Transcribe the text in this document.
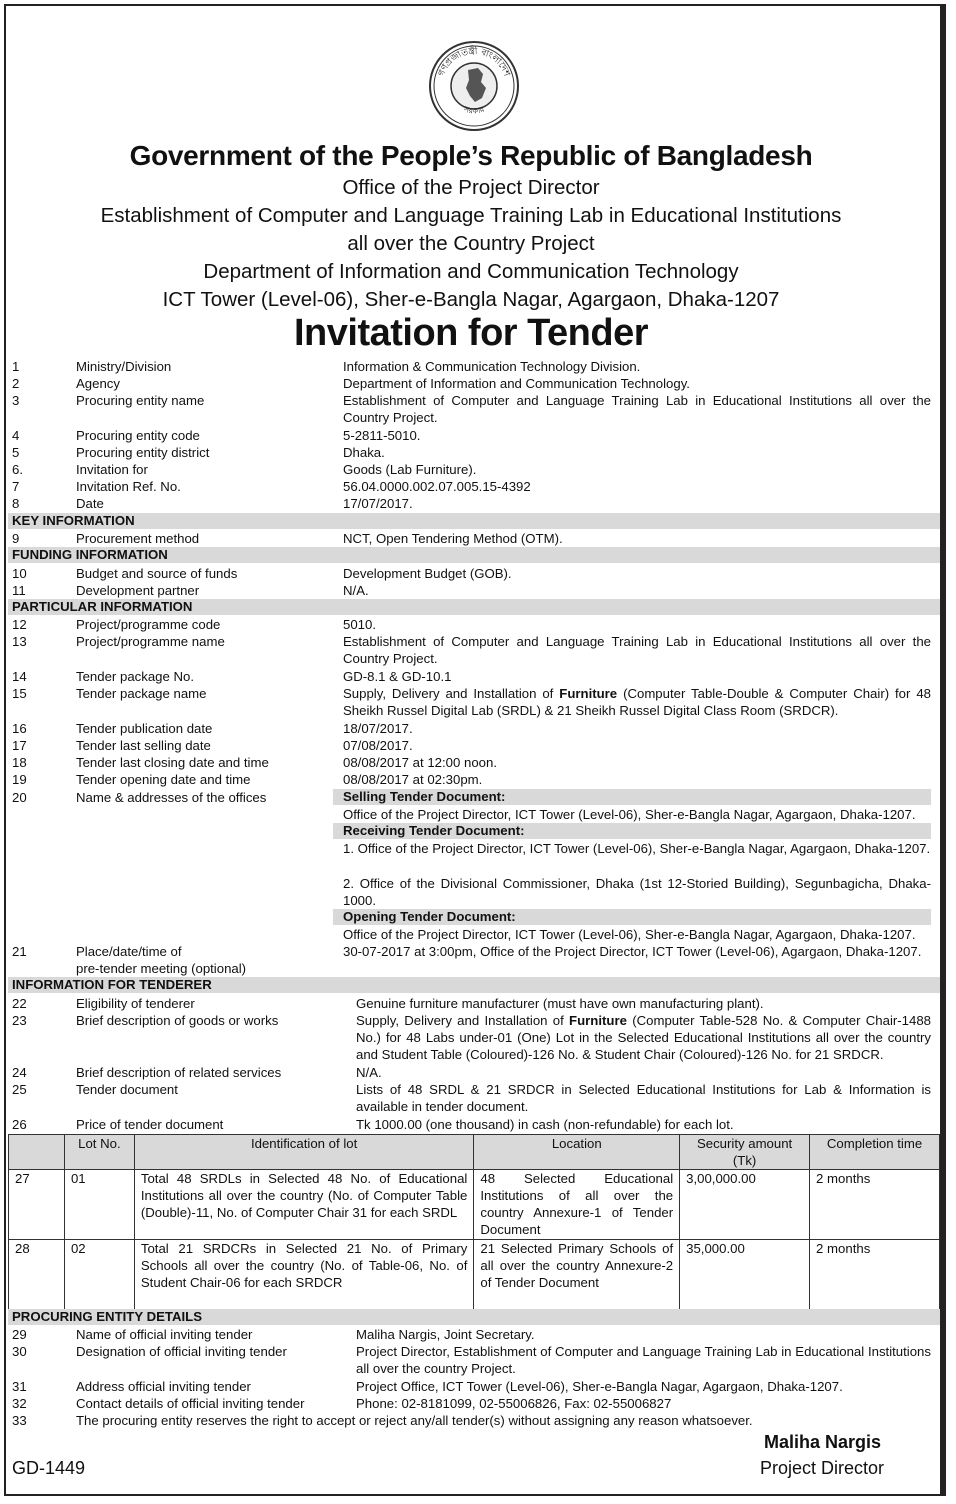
গণপ্রজাতন্ত্রী বাংলাদেশ
সরকার
Government of the People’s Republic of Bangladesh
Office of the Project Director
Establishment of Computer and Language Training Lab in Educational Institutions
all over the Country Project
Department of Information and Communication Technology
ICT Tower (Level-06), Sher-e-Bangla Nagar, Agargaon, Dhaka-1207
Invitation for Tender
1	Ministry/Division	Information & Communication Technology Division.
2	Agency	Department of Information and Communication Technology.
3	Procuring entity name	Establishment of Computer and Language Training Lab in Educational Institutions all over the Country Project.
4	Procuring entity code	5-2811-5010.
5	Procuring entity district	Dhaka.
6.	Invitation for	Goods (Lab Furniture).
7	Invitation Ref. No.	56.04.0000.002.07.005.15-4392
8	Date	17/07/2017.
KEY INFORMATION
9	Procurement method	NCT, Open Tendering Method (OTM).
FUNDING INFORMATION
10	Budget and source of funds	Development Budget (GOB).
11	Development partner	N/A.
PARTICULAR INFORMATION
12	Project/programme code	5010.
13	Project/programme name	Establishment of Computer and Language Training Lab in Educational Institutions all over the Country Project.
14	Tender package No.	GD-8.1 & GD-10.1
15	Tender package name	Supply, Delivery and Installation of Furniture (Computer Table-Double & Computer Chair) for 48 Sheikh Russel Digital Lab (SRDL) & 21 Sheikh Russel Digital Class Room (SRDCR).
16	Tender publication date	18/07/2017.
17	Tender last selling date	07/08/2017.
18	Tender last closing date and time	08/08/2017 at 12:00 noon.
19	Tender opening date and time	08/08/2017 at 02:30pm.
20	Name & addresses of the offices	Selling Tender Document:
Office of the Project Director, ICT Tower (Level-06), Sher-e-Bangla Nagar, Agargaon, Dhaka-1207.
Receiving Tender Document:
1. Office of the Project Director, ICT Tower (Level-06), Sher-e-Bangla Nagar, Agargaon, Dhaka-1207.
2. Office of the Divisional Commissioner, Dhaka (1st 12-Storied Building), Segunbagicha, Dhaka-1000.
Opening Tender Document:
Office of the Project Director, ICT Tower (Level-06), Sher-e-Bangla Nagar, Agargaon, Dhaka-1207.
21	Place/date/time of	30-07-2017 at 3:00pm, Office of the Project Director, ICT Tower (Level-06), Agargaon, Dhaka-1207.
pre-tender meeting (optional)
INFORMATION FOR TENDERER
22	Eligibility of tenderer	Genuine furniture manufacturer (must have own manufacturing plant).
23	Brief description of goods or works	Supply, Delivery and Installation of Furniture (Computer Table-528 No. & Computer Chair-1488 No.) for 48 Labs under-01 (One) Lot in the Selected Educational Institutions all over the country and Student Table (Coloured)-126 No. & Student Chair (Coloured)-126 No. for 21 SRDCR.
24	Brief description of related services	N/A.
25	Tender document	Lists of 48 SRDL & 21 SRDCR in Selected Educational Institutions for Lab & Information is available in tender document.
26	Price of tender document	Tk 1000.00 (one thousand) in cash (non-refundable) for each lot.
	Lot No.	Identification of lot	Location	Security amount (Tk)	Completion time
27	01	Total 48 SRDLs in Selected 48 No. of Educational Institutions all over the country (No. of Computer Table (Double)-11, No. of Computer Chair 31 for each SRDL	48 Selected Educational Institutions of all over the country Annexure-1 of Tender Document	3,00,000.00	2 months
28	02	Total 21 SRDCRs in Selected 21 No. of Primary Schools all over the country (No. of Table-06, No. of Student Chair-06 for each SRDCR	21 Selected Primary Schools of all over the country Annexure-2 of Tender Document	35,000.00	2 months
PROCURING ENTITY DETAILS
29	Name of official inviting tender	Maliha Nargis, Joint Secretary.
30	Designation of official inviting tender	Project Director, Establishment of Computer and Language Training Lab in Educational Institutions all over the country Project.
31	Address official inviting tender	Project Office, ICT Tower (Level-06), Sher-e-Bangla Nagar, Agargaon, Dhaka-1207.
32	Contact details of official inviting tender	Phone: 02-8181099, 02-55006826, Fax: 02-55006827
33	The procuring entity reserves the right to accept or reject any/all tender(s) without assigning any reason whatsoever.
Maliha Nargis
Project Director
GD-1449
